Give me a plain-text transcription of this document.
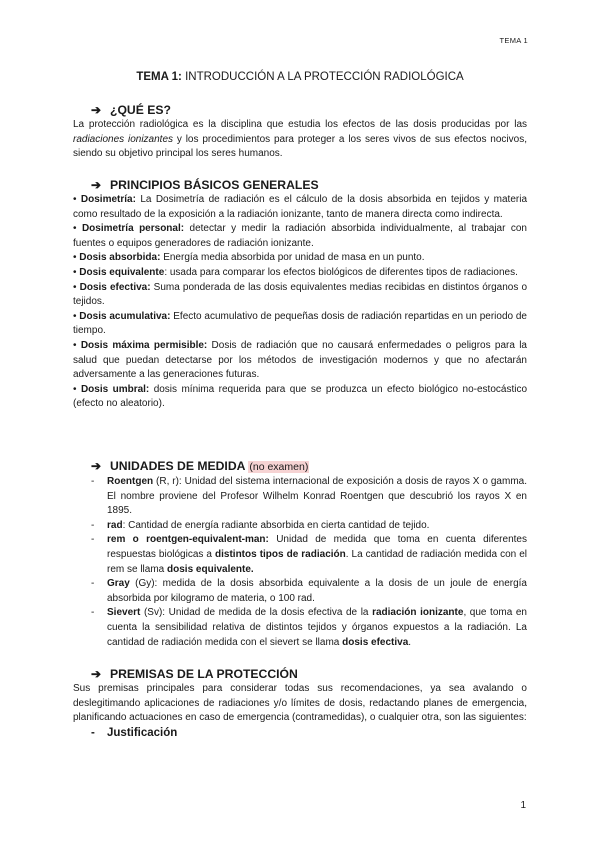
TEMA 1
TEMA 1: INTRODUCCIÓN A LA PROTECCIÓN RADIOLÓGICA
➔ ¿QUÉ ES?

La protección radiológica es la disciplina que estudia los efectos de las dosis producidas por las radiaciones ionizantes y los procedimientos para proteger a los seres vivos de sus efectos nocivos, siendo su objetivo principal los seres humanos.

➔ PRINCIPIOS BÁSICOS GENERALES

• Dosimetría: La Dosimetría de radiación es el cálculo de la dosis absorbida en tejidos y materia como resultado de la exposición a la radiación ionizante, tanto de manera directa como indirecta.

• Dosimetría personal: detectar y medir la radiación absorbida individualmente, al trabajar con fuentes o equipos generadores de radiación ionizante.

• Dosis absorbida: Energía media absorbida por unidad de masa en un punto.

• Dosis equivalente: usada para comparar los efectos biológicos de diferentes tipos de radiaciones.

• Dosis efectiva: Suma ponderada de las dosis equivalentes medias recibidas en distintos órganos o tejidos.

• Dosis acumulativa: Efecto acumulativo de pequeñas dosis de radiación repartidas en un periodo de tiempo.

• Dosis máxima permisible: Dosis de radiación que no causará enfermedades o peligros para la salud que puedan detectarse por los métodos de investigación modernos y que no afectarán adversamente a las generaciones futuras.

• Dosis umbral: dosis mínima requerida para que se produzca un efecto biológico no-estocástico (efecto no aleatorio).

➔ UNIDADES DE MEDIDA (no examen)
- Roentgen (R, r): Unidad del sistema internacional de exposición a dosis de rayos X o gamma. El nombre proviene del Profesor Wilhelm Konrad Roentgen que descubrió los rayos X en 1895.
- rad: Cantidad de energía radiante absorbida en cierta cantidad de tejido.
- rem o roentgen-equivalent-man: Unidad de medida que toma en cuenta diferentes respuestas biológicas a distintos tipos de radiación. La cantidad de radiación medida con el rem se llama dosis equivalente.
- Gray (Gy): medida de la dosis absorbida equivalente a la dosis de un joule de energía absorbida por kilogramo de materia, o 100 rad.
- Sievert (Sv): Unidad de medida de la dosis efectiva de la radiación ionizante, que toma en cuenta la sensibilidad relativa de distintos tejidos y órganos expuestos a la radiación. La cantidad de radiación medida con el sievert se llama dosis efectiva.
➔ PREMISAS DE LA PROTECCIÓN

Sus premisas principales para considerar todas sus recomendaciones, ya sea avalando o deslegitimando aplicaciones de radiaciones y/o límites de dosis, redactando planes de emergencia, planificando actuaciones en caso de emergencia (contramedidas), o cualquier otra, son las siguientes:

- Justificación
1
